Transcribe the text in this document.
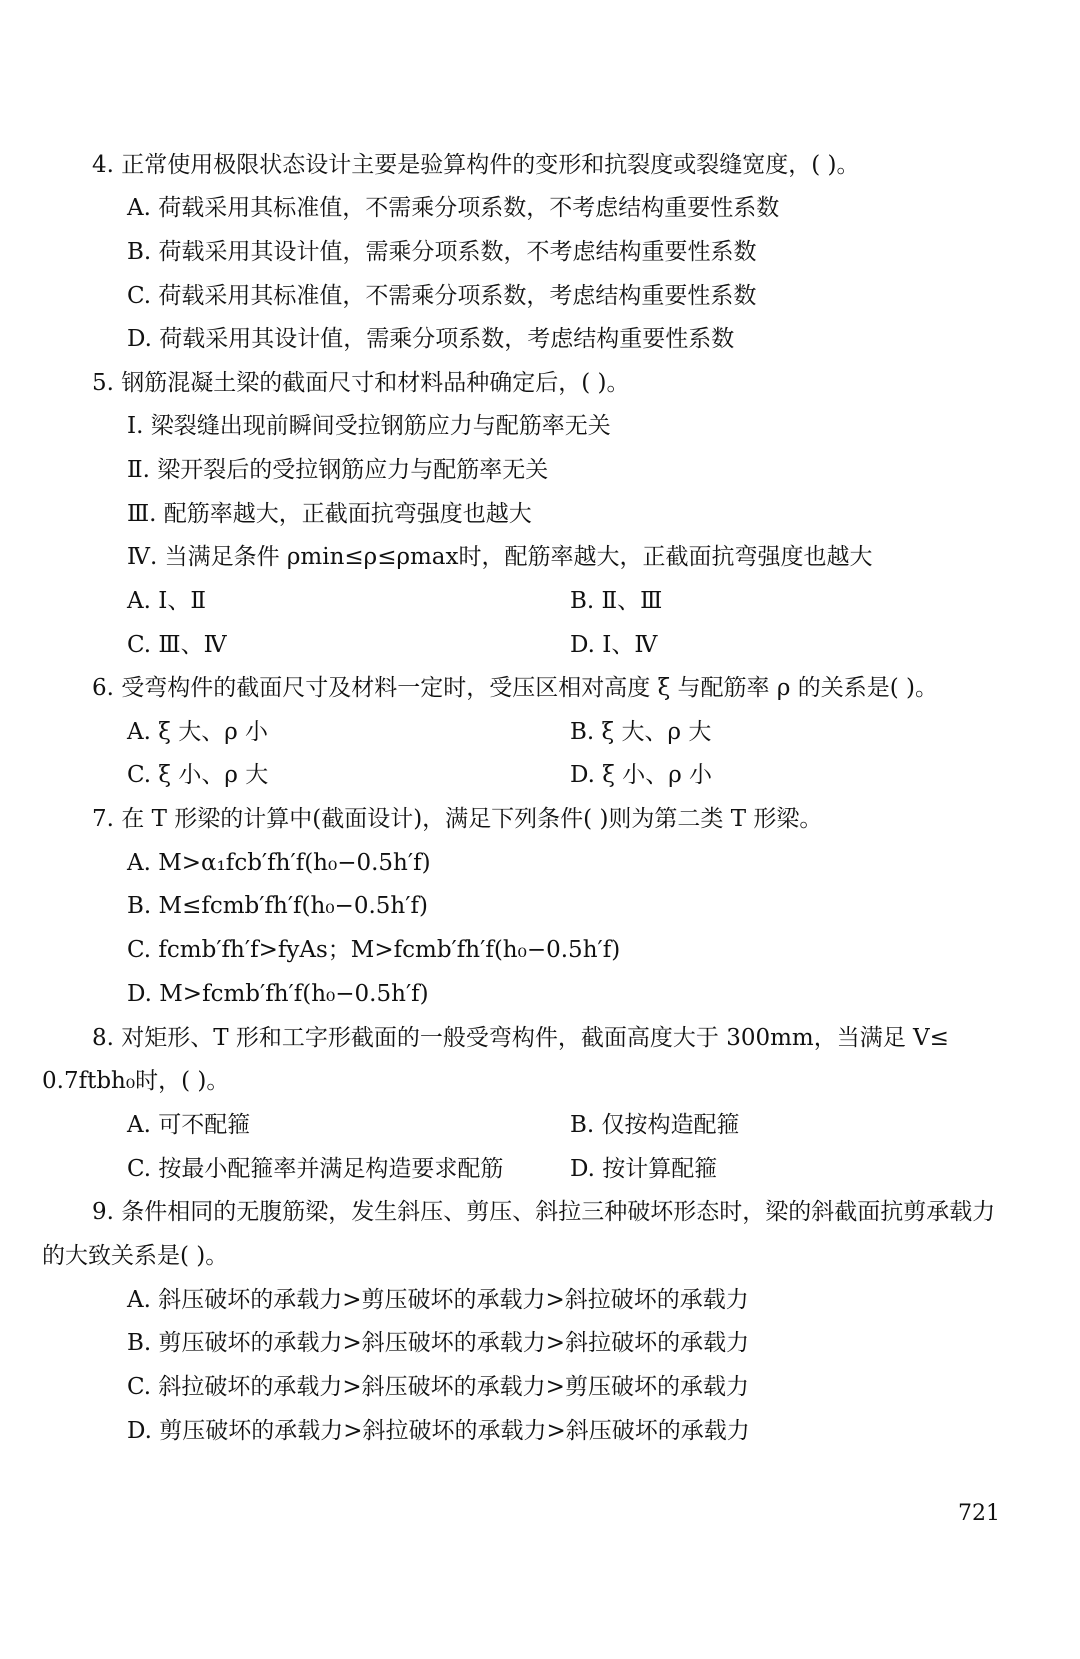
4. 正常使用极限状态设计主要是验算构件的变形和抗裂度或裂缝宽度，( )。
A. 荷载采用其标准值，不需乘分项系数，不考虑结构重要性系数
B. 荷载采用其设计值，需乘分项系数，不考虑结构重要性系数
C. 荷载采用其标准值，不需乘分项系数，考虑结构重要性系数
D. 荷载采用其设计值，需乘分项系数，考虑结构重要性系数
5. 钢筋混凝土梁的截面尺寸和材料品种确定后，( )。
Ⅰ. 梁裂缝出现前瞬间受拉钢筋应力与配筋率无关
Ⅱ. 梁开裂后的受拉钢筋应力与配筋率无关
Ⅲ. 配筋率越大，正截面抗弯强度也越大
Ⅳ. 当满足条件 ρmin≤ρ≤ρmax时，配筋率越大，正截面抗弯强度也越大
A. Ⅰ、Ⅱ	B. Ⅱ、Ⅲ
C. Ⅲ、Ⅳ	D. Ⅰ、Ⅳ
6. 受弯构件的截面尺寸及材料一定时，受压区相对高度 ξ 与配筋率 ρ 的关系是( )。
A. ξ 大、ρ 小	B. ξ 大、ρ 大
C. ξ 小、ρ 大	D. ξ 小、ρ 小
7. 在 T 形梁的计算中(截面设计)，满足下列条件( )则为第二类 T 形梁。
A. M>α₁fcb′fh′f(h₀−0.5h′f)
B. M≤fcmb′fh′f(h₀−0.5h′f)
C. fcmb′fh′f>fyAs；M>fcmb′fh′f(h₀−0.5h′f)
D. M>fcmb′fh′f(h₀−0.5h′f)
8. 对矩形、T 形和工字形截面的一般受弯构件，截面高度大于 300mm，当满足 V≤
0.7ftbh₀时，( )。
A. 可不配箍	B. 仅按构造配箍
C. 按最小配箍率并满足构造要求配筋	D. 按计算配箍
9. 条件相同的无腹筋梁，发生斜压、剪压、斜拉三种破坏形态时，梁的斜截面抗剪承载力
的大致关系是( )。
A. 斜压破坏的承载力>剪压破坏的承载力>斜拉破坏的承载力
B. 剪压破坏的承载力>斜压破坏的承载力>斜拉破坏的承载力
C. 斜拉破坏的承载力>斜压破坏的承载力>剪压破坏的承载力
D. 剪压破坏的承载力>斜拉破坏的承载力>斜压破坏的承载力
721
